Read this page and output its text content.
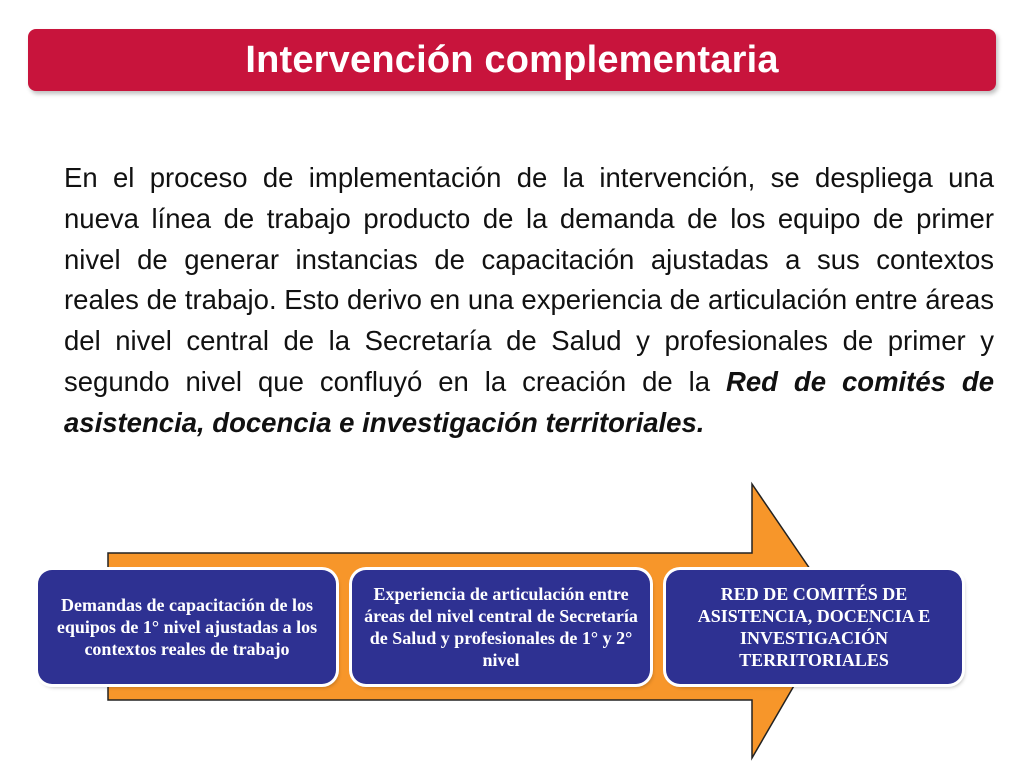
Intervención complementaria

En el proceso de implementación de la intervención, se despliega una nueva línea de trabajo producto de la demanda de los equipo de primer nivel de generar instancias de capacitación ajustadas a sus contextos reales de trabajo. Esto derivo en una experiencia de articulación entre áreas del nivel central de la Secretaría de Salud y profesionales de primer y segundo nivel que confluyó en la creación de la Red de comités de asistencia, docencia e investigación territoriales.

Demandas de capacitación de los equipos de 1° nivel ajustadas a los contextos reales de trabajo
Experiencia de articulación entre áreas del nivel central de Secretaría de Salud y profesionales de 1° y 2° nivel
RED DE COMITÉS DE ASISTENCIA, DOCENCIA E INVESTIGACIÓN TERRITORIALES
